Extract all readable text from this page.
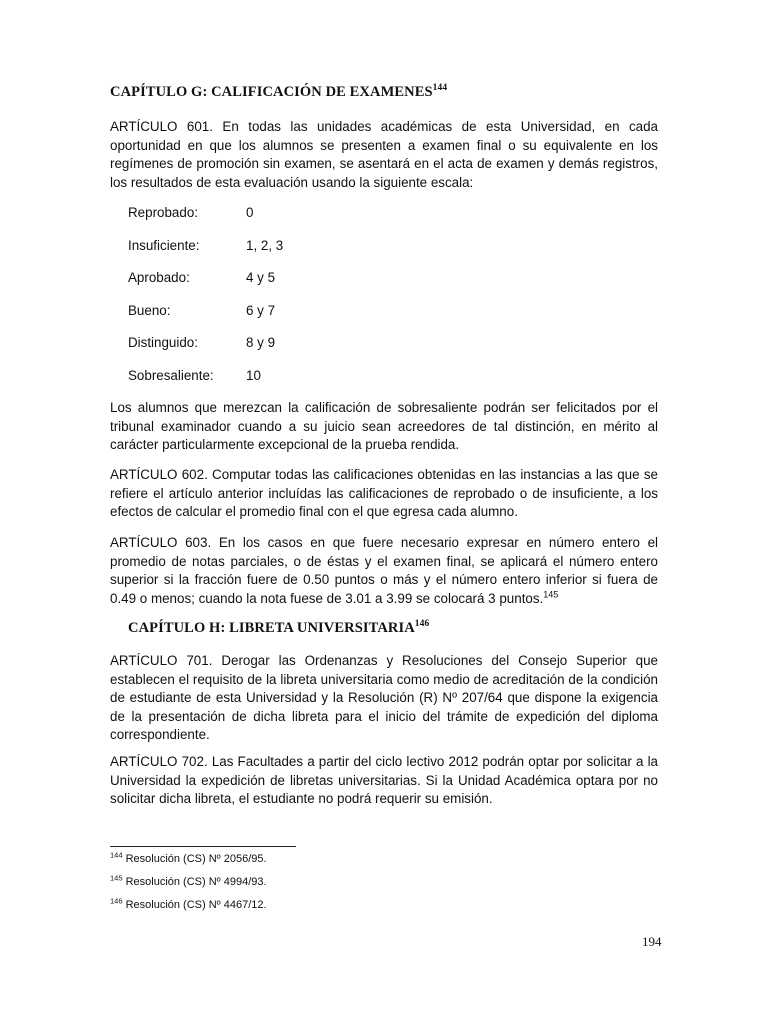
CAPÍTULO G: CALIFICACIÓN DE EXAMENES$^{144}$

ARTÍCULO 601. En todas las unidades académicas de esta Universidad, en cada oportunidad en que los alumnos se presenten a examen final o su equivalente en los regímenes de promoción sin examen, se asentará en el acta de examen y demás registros, los resultados de esta evaluación usando la siguiente escala:

Reprobado:	0
Insuficiente:	1, 2, 3
Aprobado:	4 y 5
Bueno:	6 y 7
Distinguido:	8 y 9
Sobresaliente:	10

Los alumnos que merezcan la calificación de sobresaliente podrán ser felicitados por el tribunal examinador cuando a su juicio sean acreedores de tal distinción, en mérito al carácter particularmente excepcional de la prueba rendida.

ARTÍCULO 602. Computar todas las calificaciones obtenidas en las instancias a las que se refiere el artículo anterior incluídas las calificaciones de reprobado o de insuficiente, a los efectos de calcular el promedio final con el que egresa cada alumno.

ARTÍCULO 603. En los casos en que fuere necesario expresar en número entero el promedio de notas parciales, o de éstas y el examen final, se aplicará el número entero superior si la fracción fuere de 0.50 puntos o más y el número entero inferior si fuera de 0.49 o menos; cuando la nota fuese de 3.01 a 3.99 se colocará 3 puntos.$^{145}$

CAPÍTULO H: LIBRETA UNIVERSITARIA$^{146}$

ARTÍCULO 701. Derogar las Ordenanzas y Resoluciones del Consejo Superior que establecen el requisito de la libreta universitaria como medio de acreditación de la condición de estudiante de esta Universidad y la Resolución (R) Nº 207/64 que dispone la exigencia de la presentación de dicha libreta para el inicio del trámite de expedición del diploma correspondiente.

ARTÍCULO 702. Las Facultades a partir del ciclo lectivo 2012 podrán optar por solicitar a la Universidad la expedición de libretas universitarias. Si la Unidad Académica optara por no solicitar dicha libreta, el estudiante no podrá requerir su emisión.

$^{144}$ Resolución (CS) Nº 2056/95.
$^{145}$ Resolución (CS) Nº 4994/93.
$^{146}$ Resolución (CS) Nº 4467/12.
194
